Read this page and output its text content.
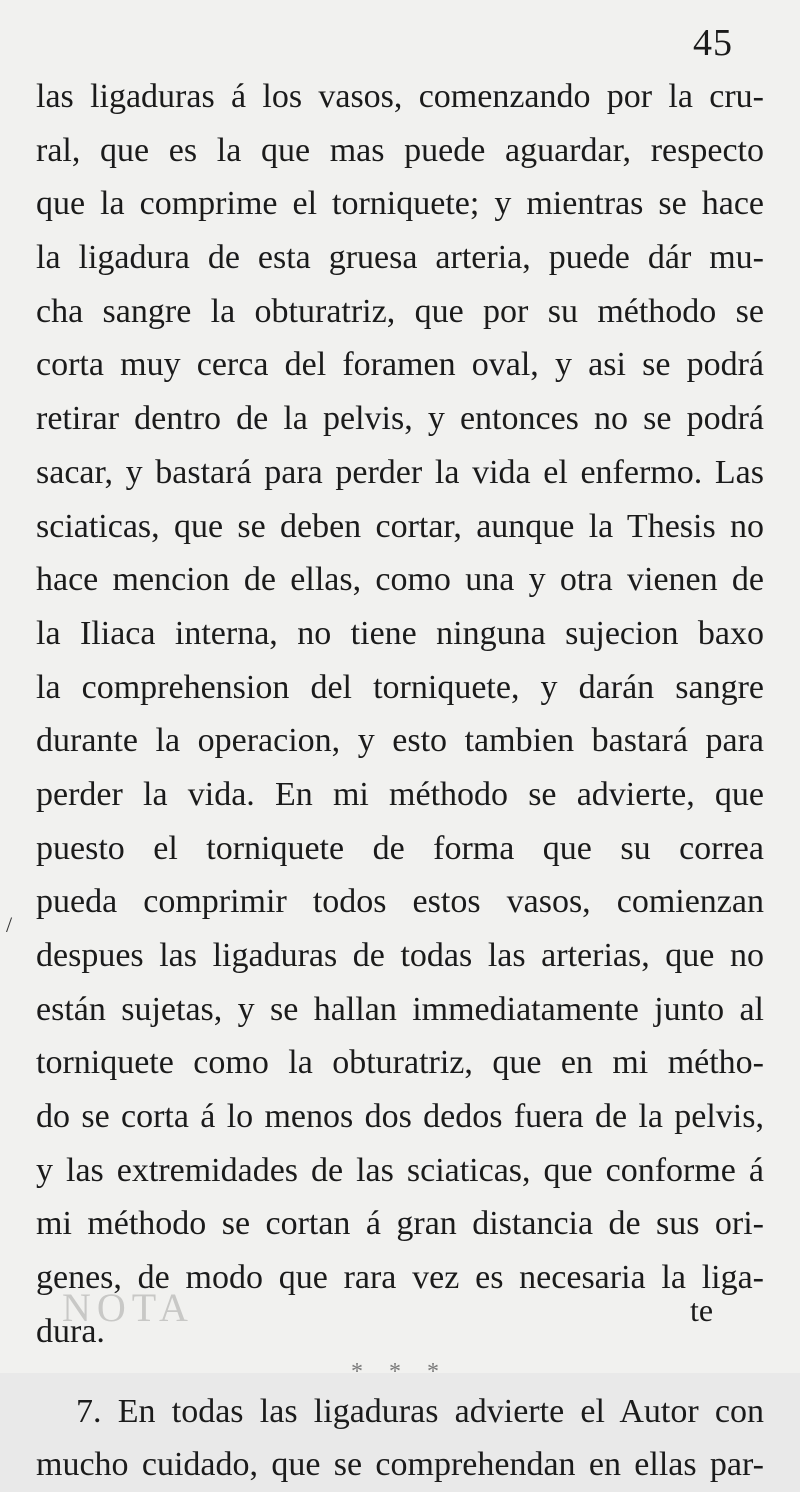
45
/
las ligaduras á los vasos, comenzando por la cru-
ral, que es la que mas puede aguardar, respecto
que la comprime el torniquete; y mientras se hace
la ligadura de esta gruesa arteria, puede dár mu-
cha sangre la obturatriz, que por su méthodo se
corta muy cerca del foramen oval, y asi se podrá
retirar dentro de la pelvis, y entonces no se podrá
sacar, y bastará para perder la vida el enfermo. Las
sciaticas, que se deben cortar, aunque la Thesis no
hace mencion de ellas, como una y otra vienen de
la Iliaca interna, no tiene ninguna sujecion baxo
la comprehension del torniquete, y darán sangre
durante la operacion, y esto tambien bastará para
perder la vida. En mi méthodo se advierte, que
puesto el torniquete de forma que su correa
pueda comprimir todos estos vasos, comienzan
despues las ligaduras de todas las arterias, que no
están sujetas, y se hallan immediatamente junto al
torniquete como la obturatriz, que en mi métho-
do se corta á lo menos dos dedos fuera de la pelvis,
y las extremidades de las sciaticas, que conforme á
mi méthodo se cortan á gran distancia de sus ori-
genes, de modo que rara vez es necesaria la liga-
dura.
* * *
7. En todas las ligaduras advierte el Autor con
mucho cuidado, que se comprehendan en ellas par-
NOTA	te
